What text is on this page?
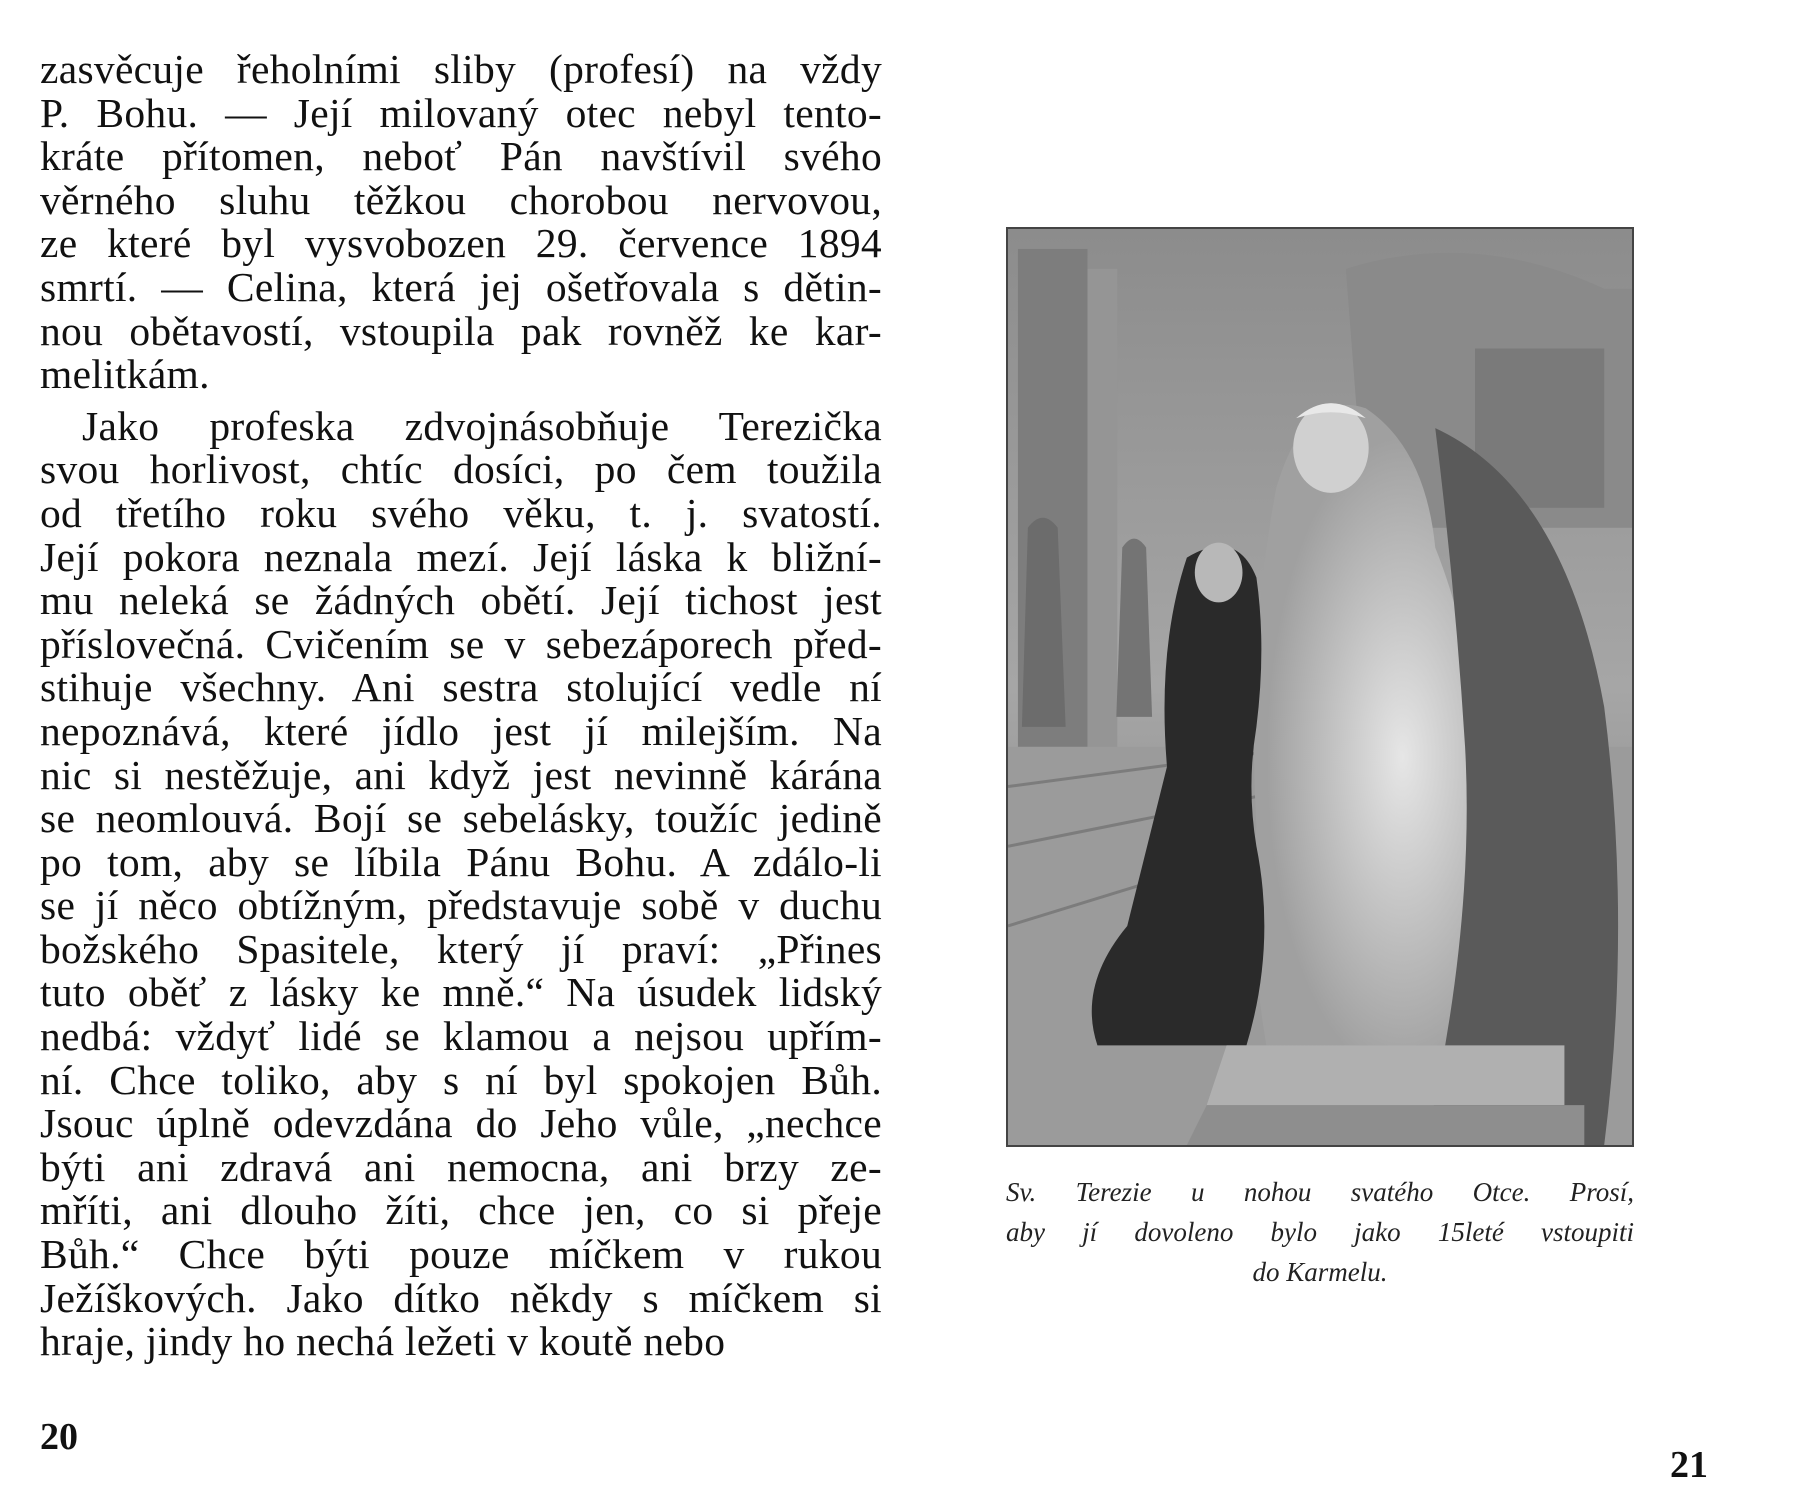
zasvěcuje řeholními sliby (profesí) na vždy
P. Bohu. — Její milovaný otec nebyl tento-
kráte přítomen, neboť Pán navštívil svého
věrného sluhu těžkou chorobou nervovou,
ze které byl vysvobozen 29. července 1894
smrtí. — Celina, která jej ošetřovala s dětin-
nou obětavostí, vstoupila pak rovněž ke kar-
melitkám.
Jako profeska zdvojnásobňuje Terezička
svou horlivost, chtíc dosíci, po čem toužila
od třetího roku svého věku, t. j. svatostí.
Její pokora neznala mezí. Její láska k bližní-
mu neleká se žádných obětí. Její tichost jest
příslovečná. Cvičením se v sebezáporech před-
stihuje všechny. Ani sestra stolující vedle ní
nepoznává, které jídlo jest jí milejším. Na
nic si nestěžuje, ani když jest nevinně kárána
se neomlouvá. Bojí se sebelásky, toužíc jedině
po tom, aby se líbila Pánu Bohu. A zdálo-li
se jí něco obtížným, představuje sobě v duchu
božského Spasitele, který jí praví: „Přines
tuto oběť z lásky ke mně.“ Na úsudek lidský
nedbá: vždyť lidé se klamou a nejsou upřím-
ní. Chce toliko, aby s ní byl spokojen Bůh.
Jsouc úplně odevzdána do Jeho vůle, „nechce
býti ani zdravá ani nemocna, ani brzy ze-
mříti, ani dlouho žíti, chce jen, co si přeje
Bůh.“ Chce býti pouze míčkem v rukou
Ježíškových. Jako dítko někdy s míčkem si
hraje, jindy ho nechá ležeti v koutě nebo
20
Sv. Terezie u nohou svatého Otce. Prosí,
aby jí dovoleno bylo jako 15leté vstoupiti
do Karmelu.
21
